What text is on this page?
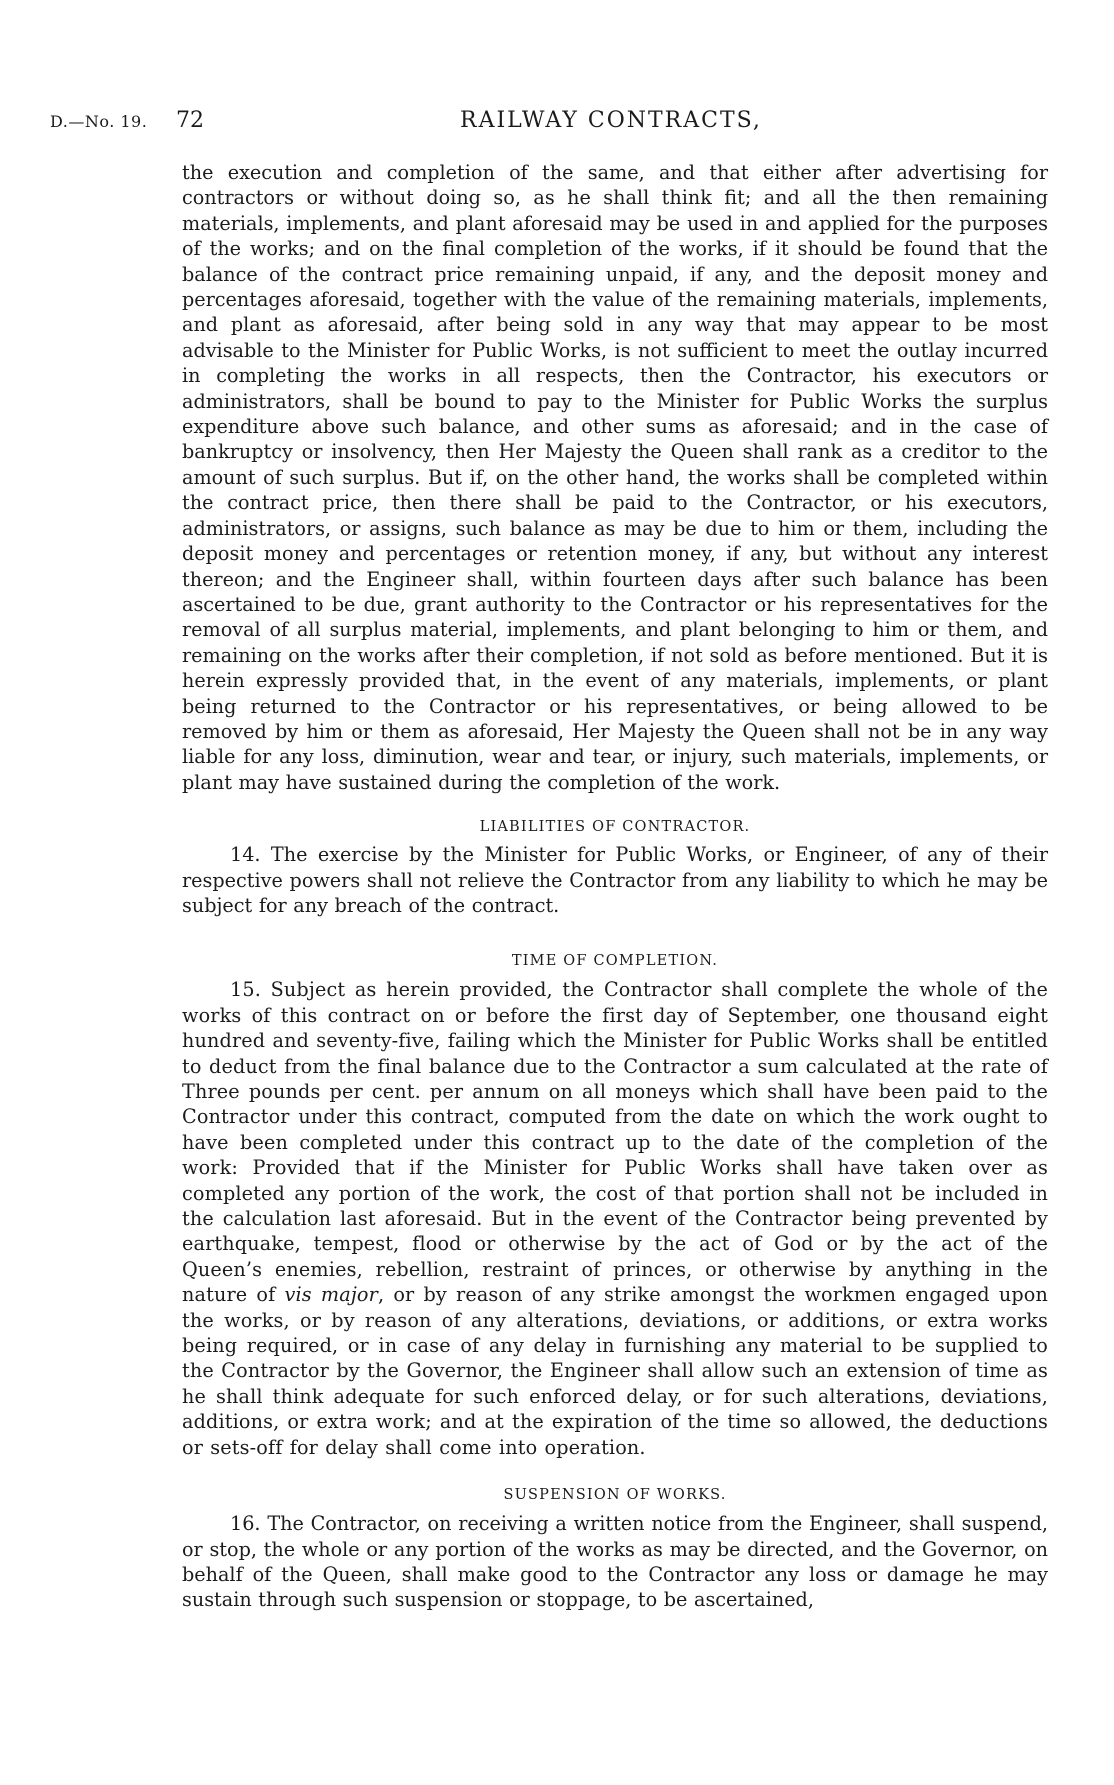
D.—No. 19. 72	RAILWAY CONTRACTS,

the execution and completion of the same, and that either after advertising for contractors or without doing so, as he shall think fit; and all the then remaining materials, implements, and plant aforesaid may be used in and applied for the purposes of the works; and on the final completion of the works, if it should be found that the balance of the contract price remaining unpaid, if any, and the deposit money and percentages aforesaid, together with the value of the remaining materials, implements, and plant as aforesaid, after being sold in any way that may appear to be most advisable to the Minister for Public Works, is not sufficient to meet the outlay incurred in completing the works in all respects, then the Contractor, his executors or administrators, shall be bound to pay to the Minister for Public Works the surplus expenditure above such balance, and other sums as aforesaid; and in the case of bankruptcy or insolvency, then Her Majesty the Queen shall rank as a creditor to the amount of such surplus. But if, on the other hand, the works shall be completed within the contract price, then there shall be paid to the Contractor, or his executors, administrators, or assigns, such balance as may be due to him or them, including the deposit money and percentages or retention money, if any, but without any interest thereon; and the Engineer shall, within fourteen days after such balance has been ascertained to be due, grant authority to the Contractor or his representatives for the removal of all surplus material, implements, and plant belonging to him or them, and remaining on the works after their completion, if not sold as before mentioned. But it is herein expressly provided that, in the event of any materials, implements, or plant being returned to the Contractor or his representatives, or being allowed to be removed by him or them as aforesaid, Her Majesty the Queen shall not be in any way liable for any loss, diminution, wear and tear, or injury, such materials, implements, or plant may have sustained during the completion of the work.

LIABILITIES OF CONTRACTOR.

14. The exercise by the Minister for Public Works, or Engineer, of any of their respective powers shall not relieve the Contractor from any liability to which he may be subject for any breach of the contract.

TIME OF COMPLETION.

15. Subject as herein provided, the Contractor shall complete the whole of the works of this contract on or before the first day of September, one thousand eight hundred and seventy-five, failing which the Minister for Public Works shall be entitled to deduct from the final balance due to the Contractor a sum calculated at the rate of Three pounds per cent. per annum on all moneys which shall have been paid to the Contractor under this contract, computed from the date on which the work ought to have been completed under this contract up to the date of the completion of the work: Provided that if the Minister for Public Works shall have taken over as completed any portion of the work, the cost of that portion shall not be included in the calculation last aforesaid. But in the event of the Contractor being prevented by earthquake, tempest, flood or otherwise by the act of God or by the act of the Queen’s enemies, rebellion, restraint of princes, or otherwise by anything in the nature of vis major, or by reason of any strike amongst the workmen engaged upon the works, or by reason of any alterations, deviations, or additions, or extra works being required, or in case of any delay in furnishing any material to be supplied to the Contractor by the Governor, the Engineer shall allow such an extension of time as he shall think adequate for such enforced delay, or for such alterations, deviations, additions, or extra work; and at the expiration of the time so allowed, the deductions or sets-off for delay shall come into operation.

SUSPENSION OF WORKS.

16. The Contractor, on receiving a written notice from the Engineer, shall suspend, or stop, the whole or any portion of the works as may be directed, and the Governor, on behalf of the Queen, shall make good to the Contractor any loss or damage he may sustain through such suspension or stoppage, to be ascertained,
